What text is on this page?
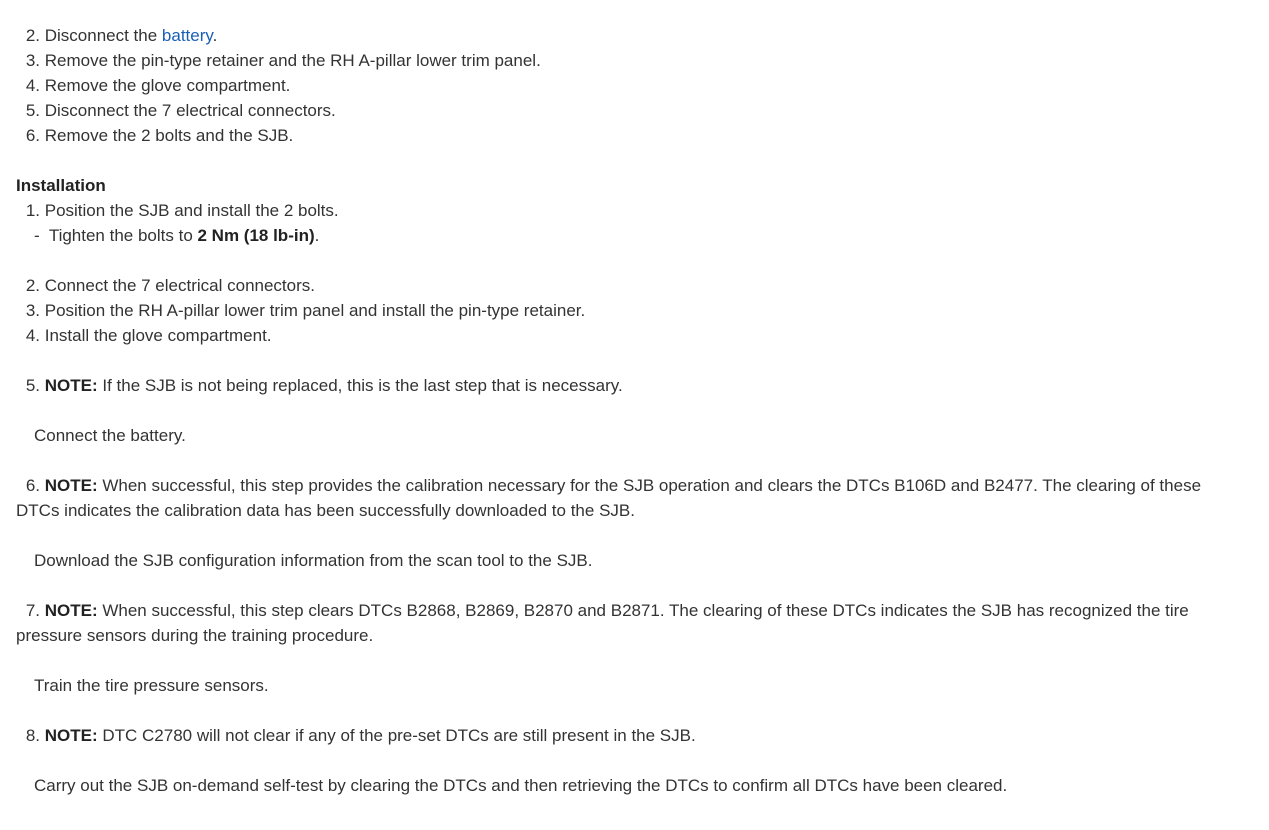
2. Disconnect the battery.
3. Remove the pin-type retainer and the RH A-pillar lower trim panel.
4. Remove the glove compartment.
5. Disconnect the 7 electrical connectors.
6. Remove the 2 bolts and the SJB.
Installation
1. Position the SJB and install the 2 bolts.
- Tighten the bolts to 2 Nm (18 lb-in).
2. Connect the 7 electrical connectors.
3. Position the RH A-pillar lower trim panel and install the pin-type retainer.
4. Install the glove compartment.
5. NOTE: If the SJB is not being replaced, this is the last step that is necessary.
Connect the battery.
6. NOTE: When successful, this step provides the calibration necessary for the SJB operation and clears the DTCs B106D and B2477. The clearing of these DTCs indicates the calibration data has been successfully downloaded to the SJB.
Download the SJB configuration information from the scan tool to the SJB.
7. NOTE: When successful, this step clears DTCs B2868, B2869, B2870 and B2871. The clearing of these DTCs indicates the SJB has recognized the tire pressure sensors during the training procedure.
Train the tire pressure sensors.
8. NOTE: DTC C2780 will not clear if any of the pre-set DTCs are still present in the SJB.
Carry out the SJB on-demand self-test by clearing the DTCs and then retrieving the DTCs to confirm all DTCs have been cleared.
